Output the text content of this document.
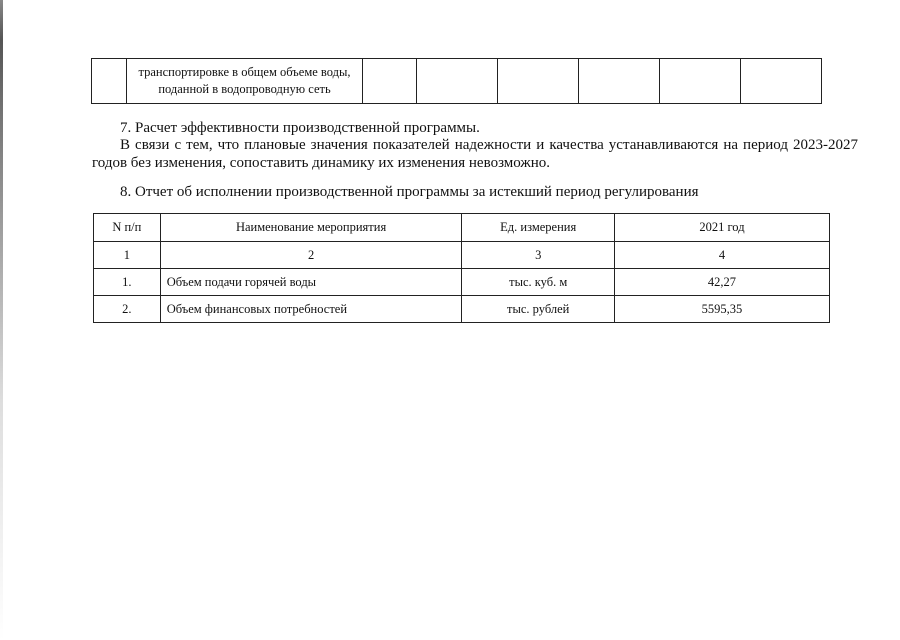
транспортировке в общем объеме воды,
поданной в водопроводную сеть

7. Расчет эффективности производственной программы.
В связи с тем, что плановые значения показателей надежности и качества устанавливаются на период 2023-2027
годов без изменения, сопоставить динамику их изменения невозможно.
8. Отчет об исполнении производственной программы за истекший период регулирования
N п/п	Наименование мероприятия	Ед. измерения	2021 год
1	2	3	4
1.	Объем подачи горячей воды	тыс. куб. м	42,27
2.	Объем финансовых потребностей	тыс. рублей	5595,35
